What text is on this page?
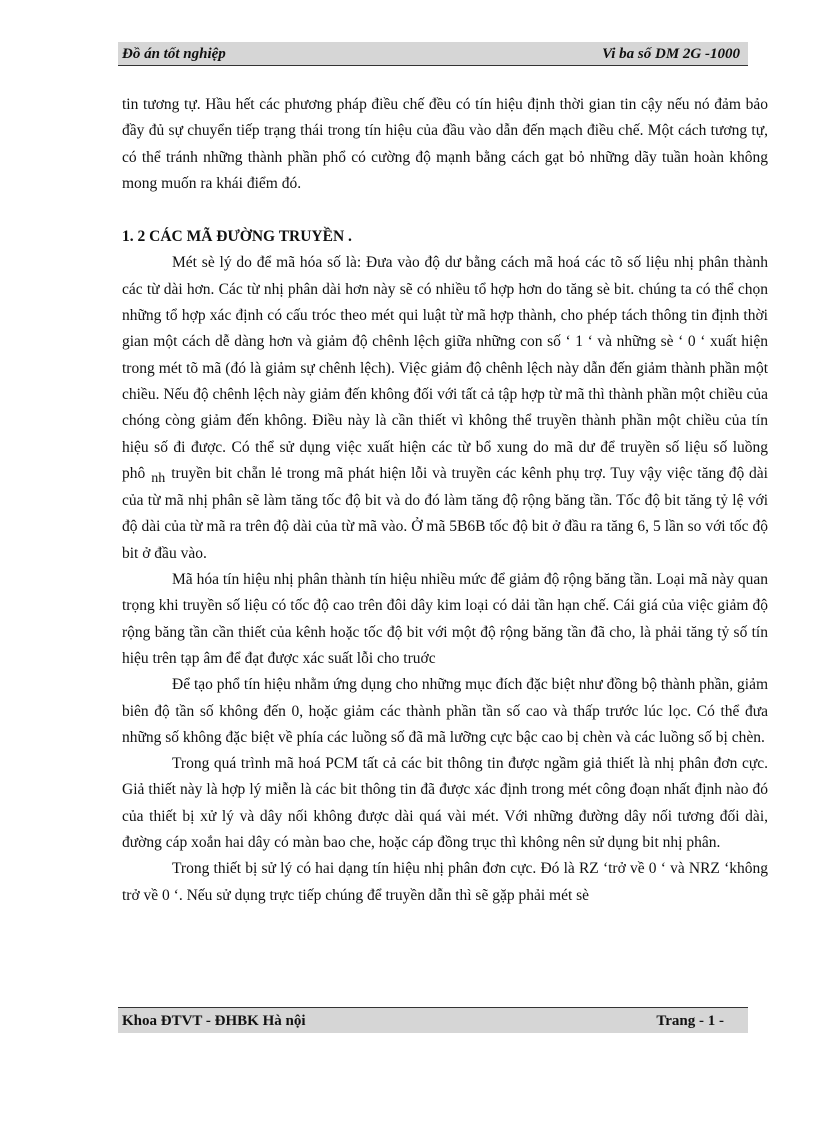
Đồ án tốt nghiệp	Vi ba số DM 2G -1000

tin tương tự. Hầu hết các phương pháp điều chế đều có tín hiệu định thời gian tin cậy nếu nó đảm bảo đầy đủ sự chuyển tiếp trạng thái trong tín hiệu của đầu vào dẫn đến mạch điều chế. Một cách tương tự, có thể tránh những thành phần phổ có cường độ mạnh bằng cách gạt bỏ những dãy tuần hoàn không mong muốn ra khái điểm đó.

1. 2 CÁC MÃ ĐƯỜNG TRUYỀN .

Mét sè lý do để mã hóa số là: Đưa vào độ dư bằng cách mã hoá các tõ số liệu nhị phân thành các từ dài hơn. Các từ nhị phân dài hơn này sẽ có nhiều tổ hợp hơn do tăng sè bit. chúng ta có thể chọn những tổ hợp xác định có cấu tróc theo mét qui luật từ mã hợp thành, cho phép tách thông tin định thời gian một cách dễ dàng hơn và giảm độ chênh lệch giữa những con số ‘ 1 ‘ và những sè ‘ 0 ‘ xuất hiện trong mét tõ mã (đó là giảm sự chênh lệch). Việc giảm độ chênh lệch này dẫn đến giảm thành phần một chiều. Nếu độ chênh lệch này giảm đến không đối với tất cả tập hợp từ mã thì thành phần một chiều của chóng còng giảm đến không. Điều này là cần thiết vì không thể truyền thành phần một chiều của tín hiệu số đi được. Có thể sử dụng việc xuất hiện các từ bổ xung do mã dư để truyền số liệu số luồng phô nh truyền bit chẵn lẻ trong mã phát hiện lỗi và truyền các kênh phụ trợ. Tuy vậy việc tăng độ dài của từ mã nhị phân sẽ làm tăng tốc độ bit và do đó làm tăng độ rộng băng tần. Tốc độ bit tăng tỷ lệ với độ dài của từ mã ra trên độ dài của từ mã vào. Ở mã 5B6B tốc độ bit ở đầu ra tăng 6, 5 lần so với tốc độ bit ở đầu vào.

Mã hóa tín hiệu nhị phân thành tín hiệu nhiều mức để giảm độ rộng băng tần. Loại mã này quan trọng khi truyền số liệu có tốc độ cao trên đôi dây kim loại có dải tần hạn chế. Cái giá của việc giảm độ rộng băng tần cần thiết của kênh hoặc tốc độ bit với một độ rộng băng tần đã cho, là phải tăng tỷ số tín hiệu trên tạp âm để đạt được xác suất lỗi cho truớc

Để tạo phổ tín hiệu nhằm ứng dụng cho những mục đích đặc biệt như đồng bộ thành phần, giảm biên độ tần số không đến 0, hoặc giảm các thành phần tần số cao và thấp trước lúc lọc. Có thể đưa những số không đặc biệt về phía các luồng số đã mã lưỡng cực bậc cao bị chèn và các luồng số bị chèn.

Trong quá trình mã hoá PCM tất cả các bit thông tin được ngầm giả thiết là nhị phân đơn cực. Giả thiết này là hợp lý miễn là các bit thông tin đã được xác định trong mét công đoạn nhất định nào đó của thiết bị xử lý và dây nối không được dài quá vài mét. Với những đường dây nối tương đối dài, đường cáp xoắn hai dây có màn bao che, hoặc cáp đồng trục thì không nên sử dụng bit nhị phân.

Trong thiết bị sử lý có hai dạng tín hiệu nhị phân đơn cực. Đó là RZ ‘trở về 0 ‘ và NRZ ‘không trở về 0 ‘. Nếu sử dụng trực tiếp chúng để truyền dẫn thì sẽ gặp phải mét sè

Khoa ĐTVT - ĐHBK Hà nội	Trang - 1 -
